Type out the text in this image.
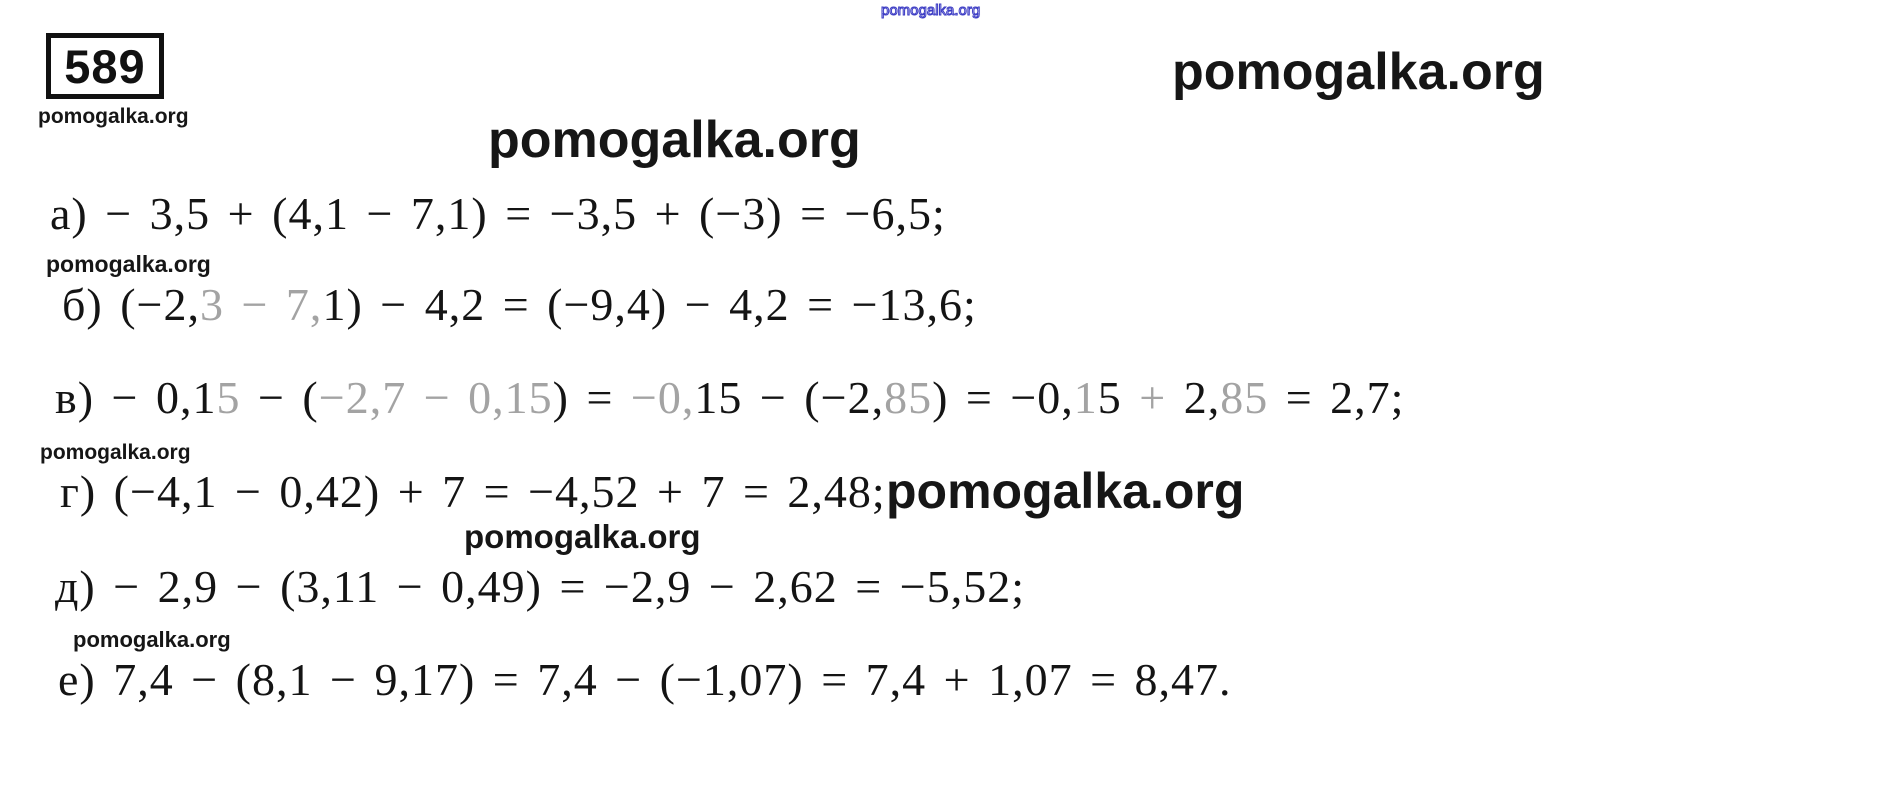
589
pomogalka.org
pomogalka.org
pomogalka.org
pomogalka.org
pomogalka.org
pomogalka.org
pomogalka.org
pomogalka.org
pomogalka.org
а) − 3,5 + (4,1 − 7,1) = −3,5 + (−3) = −6,5;
б) (−2,3 − 7,1) − 4,2 = (−9,4) − 4,2 = −13,6;
в) − 0,15 − (−2,7 − 0,15) = −0,15 − (−2,85) = −0,15 + 2,85 = 2,7;
г) (−4,1 − 0,42) + 7 = −4,52 + 7 = 2,48;
д) − 2,9 − (3,11 − 0,49) = −2,9 − 2,62 = −5,52;
е) 7,4 − (8,1 − 9,17) = 7,4 − (−1,07) = 7,4 + 1,07 = 8,47.
